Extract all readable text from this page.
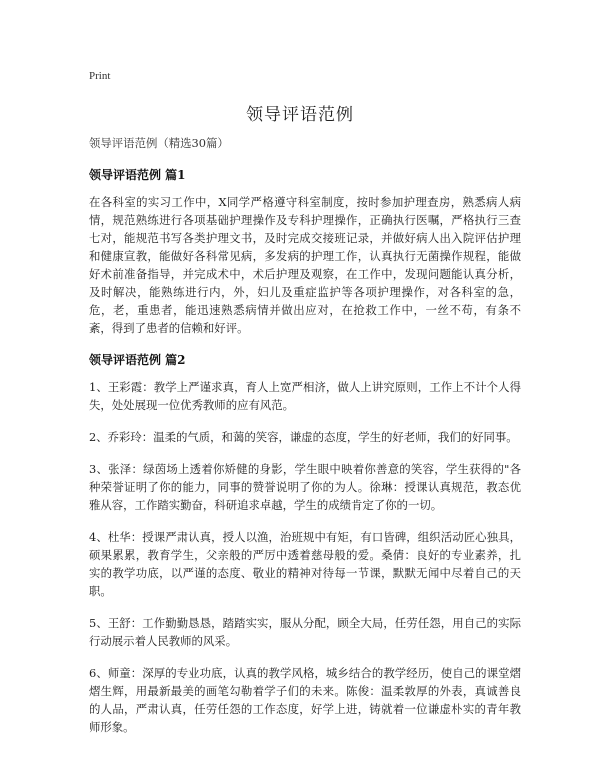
Print
领导评语范例

领导评语范例（精选30篇）

领导评语范例 篇1

在各科室的实习工作中，X同学严格遵守科室制度，按时参加护理查房，熟悉病人病情，规范熟练进行各项基础护理操作及专科护理操作，正确执行医嘱，严格执行三查七对，能规范书写各类护理文书，及时完成交接班记录，并做好病人出入院评估护理和健康宣教，能做好各科常见病，多发病的护理工作，认真执行无菌操作规程，能做好术前准备指导，并完成术中，术后护理及观察，在工作中，发现问题能认真分析，及时解决，能熟练进行内，外，妇儿及重症监护等各项护理操作，对各科室的急，危，老，重患者，能迅速熟悉病情并做出应对，在抢救工作中，一丝不苟，有条不紊，得到了患者的信赖和好评。

领导评语范例 篇2

1、王彩霞：教学上严谨求真，育人上宽严相济，做人上讲究原则，工作上不计个人得失，处处展现一位优秀教师的应有风范。

2、乔彩玲：温柔的气质，和蔼的笑容，谦虚的态度，学生的好老师，我们的好同事。

3、张泽：绿茵场上透着你矫健的身影，学生眼中映着你善意的笑容，学生获得的"各种荣誉证明了你的能力，同事的赞誉说明了你的为人。徐琳：授课认真规范，教态优雅从容，工作踏实勤奋，科研追求卓越，学生的成绩肯定了你的一切。

4、杜华：授课严肃认真，授人以渔，治班规中有矩，有口皆碑，组织活动匠心独具，硕果累累，教育学生，父亲般的严厉中透着慈母般的爱。桑倩：良好的专业素养，扎实的教学功底，以严谨的态度、敬业的精神对待每一节课，默默无闻中尽着自己的天职。

5、王舒：工作勤勤恳恳，踏踏实实，服从分配，顾全大局，任劳任怨，用自己的实际行动展示着人民教师的风采。

6、师童：深厚的专业功底，认真的教学风格，城乡结合的教学经历，使自己的课堂熠熠生辉，用最新最美的画笔勾勒着学子们的未来。陈俊：温柔敦厚的外表，真诚善良的人品，严肃认真，任劳任怨的工作态度，好学上进，铸就着一位谦虚朴实的青年教师形象。
